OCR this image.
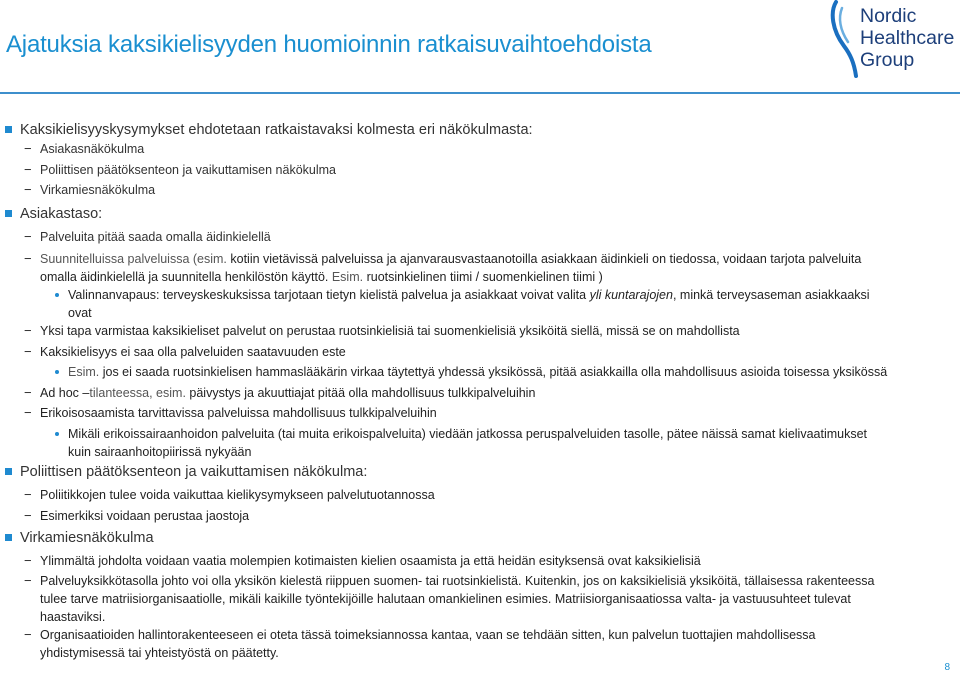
Ajatuksia kaksikielisyyden huomioinnin ratkaisuvaihtoehdoista
Nordic
Healthcare
Group
Kaksikielisyyskysymykset ehdotetaan ratkaistavaksi kolmesta eri näkökulmasta:
− Asiakasnäkökulma
− Poliittisen päätöksenteon ja vaikuttamisen näkökulma
− Virkamiesnäkökulma
Asiakastaso:
− Palveluita pitää saada omalla äidinkielellä
− Suunnitelluissa palveluissa (esim. kotiin vietävissä palveluissa ja ajanvarausvastaanotoilla asiakkaan äidinkieli on tiedossa, voidaan tarjota palveluita
omalla äidinkielellä ja suunnitella henkilöstön käyttö. Esim. ruotsinkielinen tiimi / suomenkielinen tiimi )
Valinnanvapaus: terveyskeskuksissa tarjotaan tietyn kielistä palvelua ja asiakkaat voivat valita yli kuntarajojen, minkä terveysaseman asiakkaaksi
ovat
− Yksi tapa varmistaa kaksikieliset palvelut on perustaa ruotsinkielisiä tai suomenkielisiä yksiköitä siellä, missä se on mahdollista
− Kaksikielisyys ei saa olla palveluiden saatavuuden este
Esim. jos ei saada ruotsinkielisen hammaslääkärin virkaa täytettyä yhdessä yksikössä, pitää asiakkailla olla mahdollisuus asioida toisessa yksikössä
− Ad hoc –tilanteessa, esim. päivystys ja akuuttiajat pitää olla mahdollisuus tulkkipalveluihin
− Erikoisosaamista tarvittavissa palveluissa mahdollisuus tulkkipalveluihin
Mikäli erikoissairaanhoidon palveluita (tai muita erikoispalveluita) viedään jatkossa peruspalveluiden tasolle, pätee näissä samat kielivaatimukset
kuin sairaanhoitopiirissä nykyään
Poliittisen päätöksenteon ja vaikuttamisen näkökulma:
− Poliitikkojen tulee voida vaikuttaa kielikysymykseen palvelutuotannossa
− Esimerkiksi voidaan perustaa jaostoja
Virkamiesnäkökulma
− Ylimmältä johdolta voidaan vaatia molempien kotimaisten kielien osaamista ja että heidän esityksensä ovat kaksikielisiä
− Palveluyksikkötasolla johto voi olla yksikön kielestä riippuen suomen- tai ruotsinkielistä. Kuitenkin, jos on kaksikielisiä yksiköitä, tällaisessa rakenteessa
tulee tarve matriisiorganisaatiolle, mikäli kaikille työntekijöille halutaan omankielinen esimies. Matriisiorganisaatiossa valta- ja vastuusuhteet tulevat
haastaviksi.
− Organisaatioiden hallintorakenteeseen ei oteta tässä toimeksiannossa kantaa, vaan se tehdään sitten, kun palvelun tuottajien mahdollisessa
yhdistymisessä tai yhteistyöstä on päätetty.
8
